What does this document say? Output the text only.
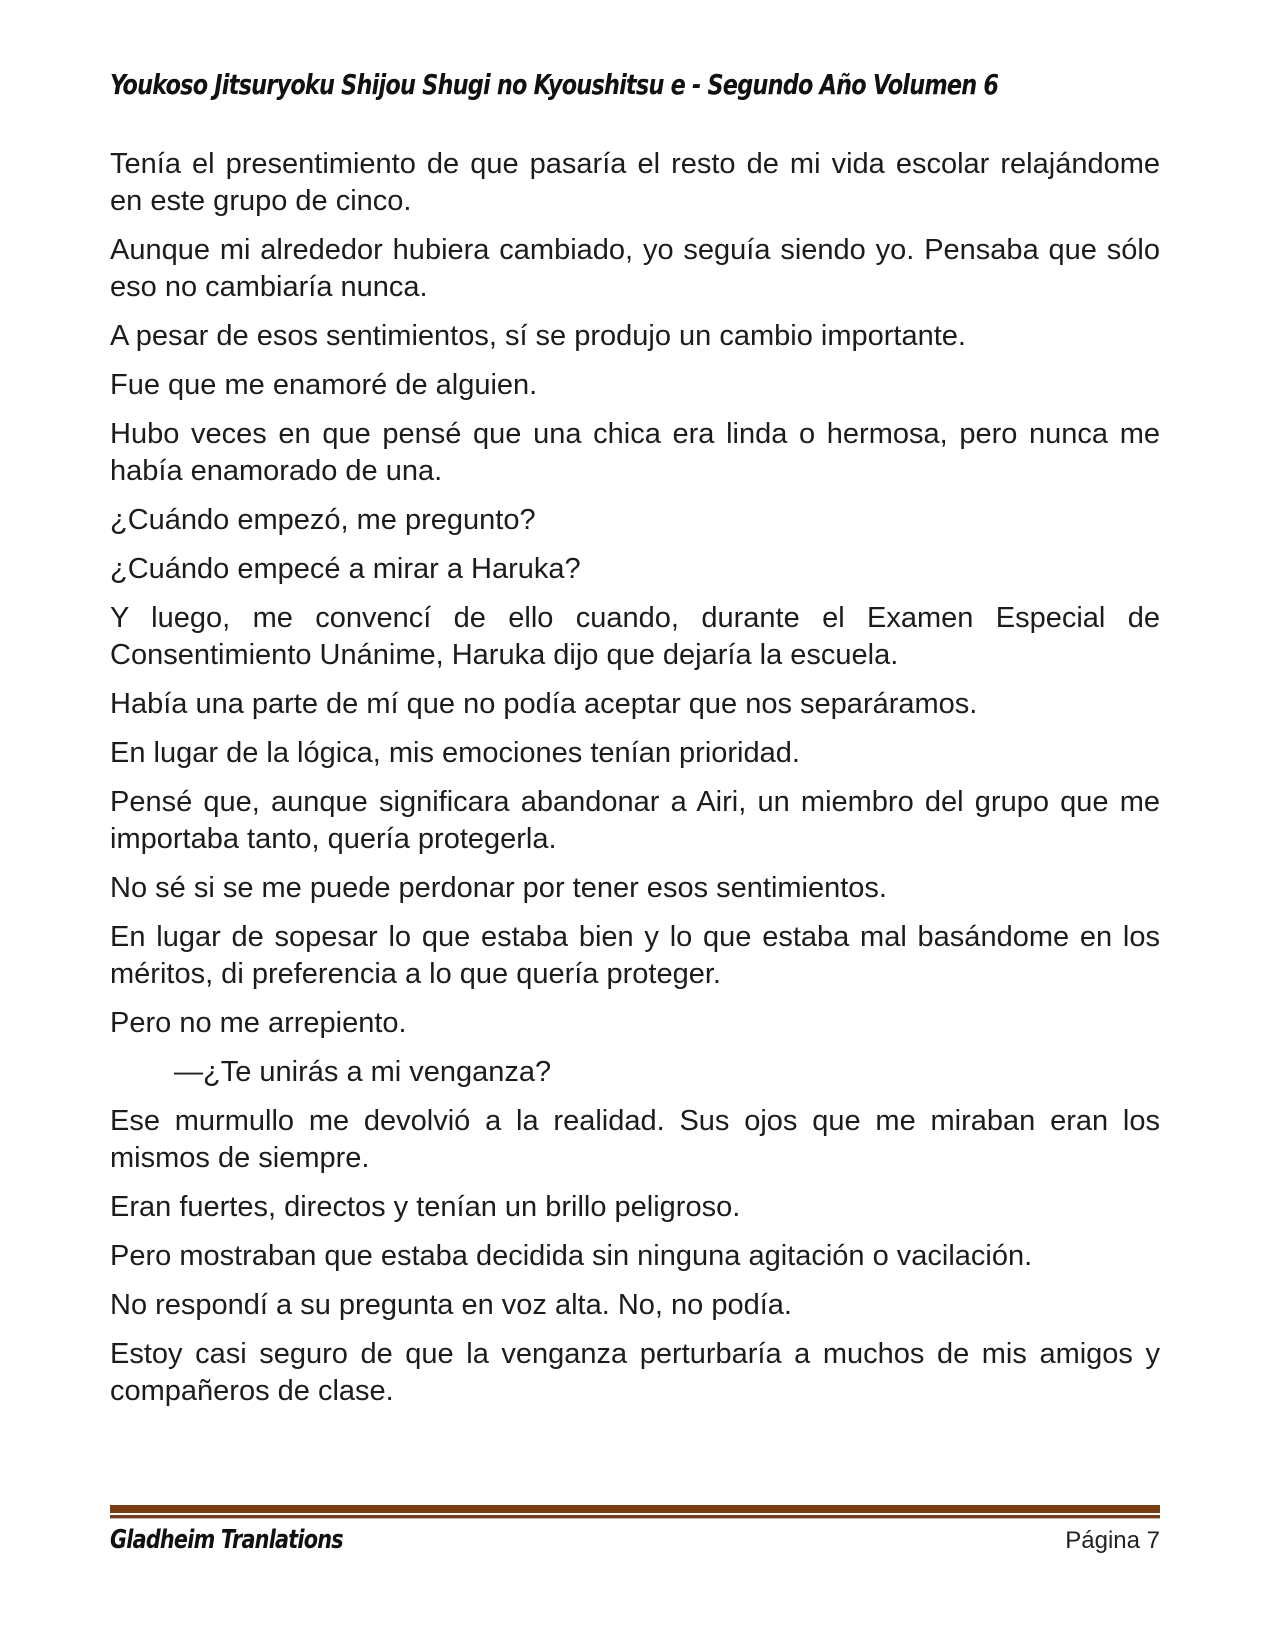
Youkoso Jitsuryoku Shijou Shugi no Kyoushitsu e - Segundo Año Volumen 6
Tenía el presentimiento de que pasaría el resto de mi vida escolar relajándome en este grupo de cinco.
Aunque mi alrededor hubiera cambiado, yo seguía siendo yo. Pensaba que sólo eso no cambiaría nunca.
A pesar de esos sentimientos, sí se produjo un cambio importante.
Fue que me enamoré de alguien.
Hubo veces en que pensé que una chica era linda o hermosa, pero nunca me había enamorado de una.
¿Cuándo empezó, me pregunto?
¿Cuándo empecé a mirar a Haruka?
Y luego, me convencí de ello cuando, durante el Examen Especial de Consentimiento Unánime, Haruka dijo que dejaría la escuela.
Había una parte de mí que no podía aceptar que nos separáramos.
En lugar de la lógica, mis emociones tenían prioridad.
Pensé que, aunque significara abandonar a Airi, un miembro del grupo que me importaba tanto, quería protegerla.
No sé si se me puede perdonar por tener esos sentimientos.
En lugar de sopesar lo que estaba bien y lo que estaba mal basándome en los méritos, di preferencia a lo que quería proteger.
Pero no me arrepiento.
—¿Te unirás a mi venganza?
Ese murmullo me devolvió a la realidad. Sus ojos que me miraban eran los mismos de siempre.
Eran fuertes, directos y tenían un brillo peligroso.
Pero mostraban que estaba decidida sin ninguna agitación o vacilación.
No respondí a su pregunta en voz alta. No, no podía.
Estoy casi seguro de que la venganza perturbaría a muchos de mis amigos y compañeros de clase.
Gladheim Tranlations	Página 7
